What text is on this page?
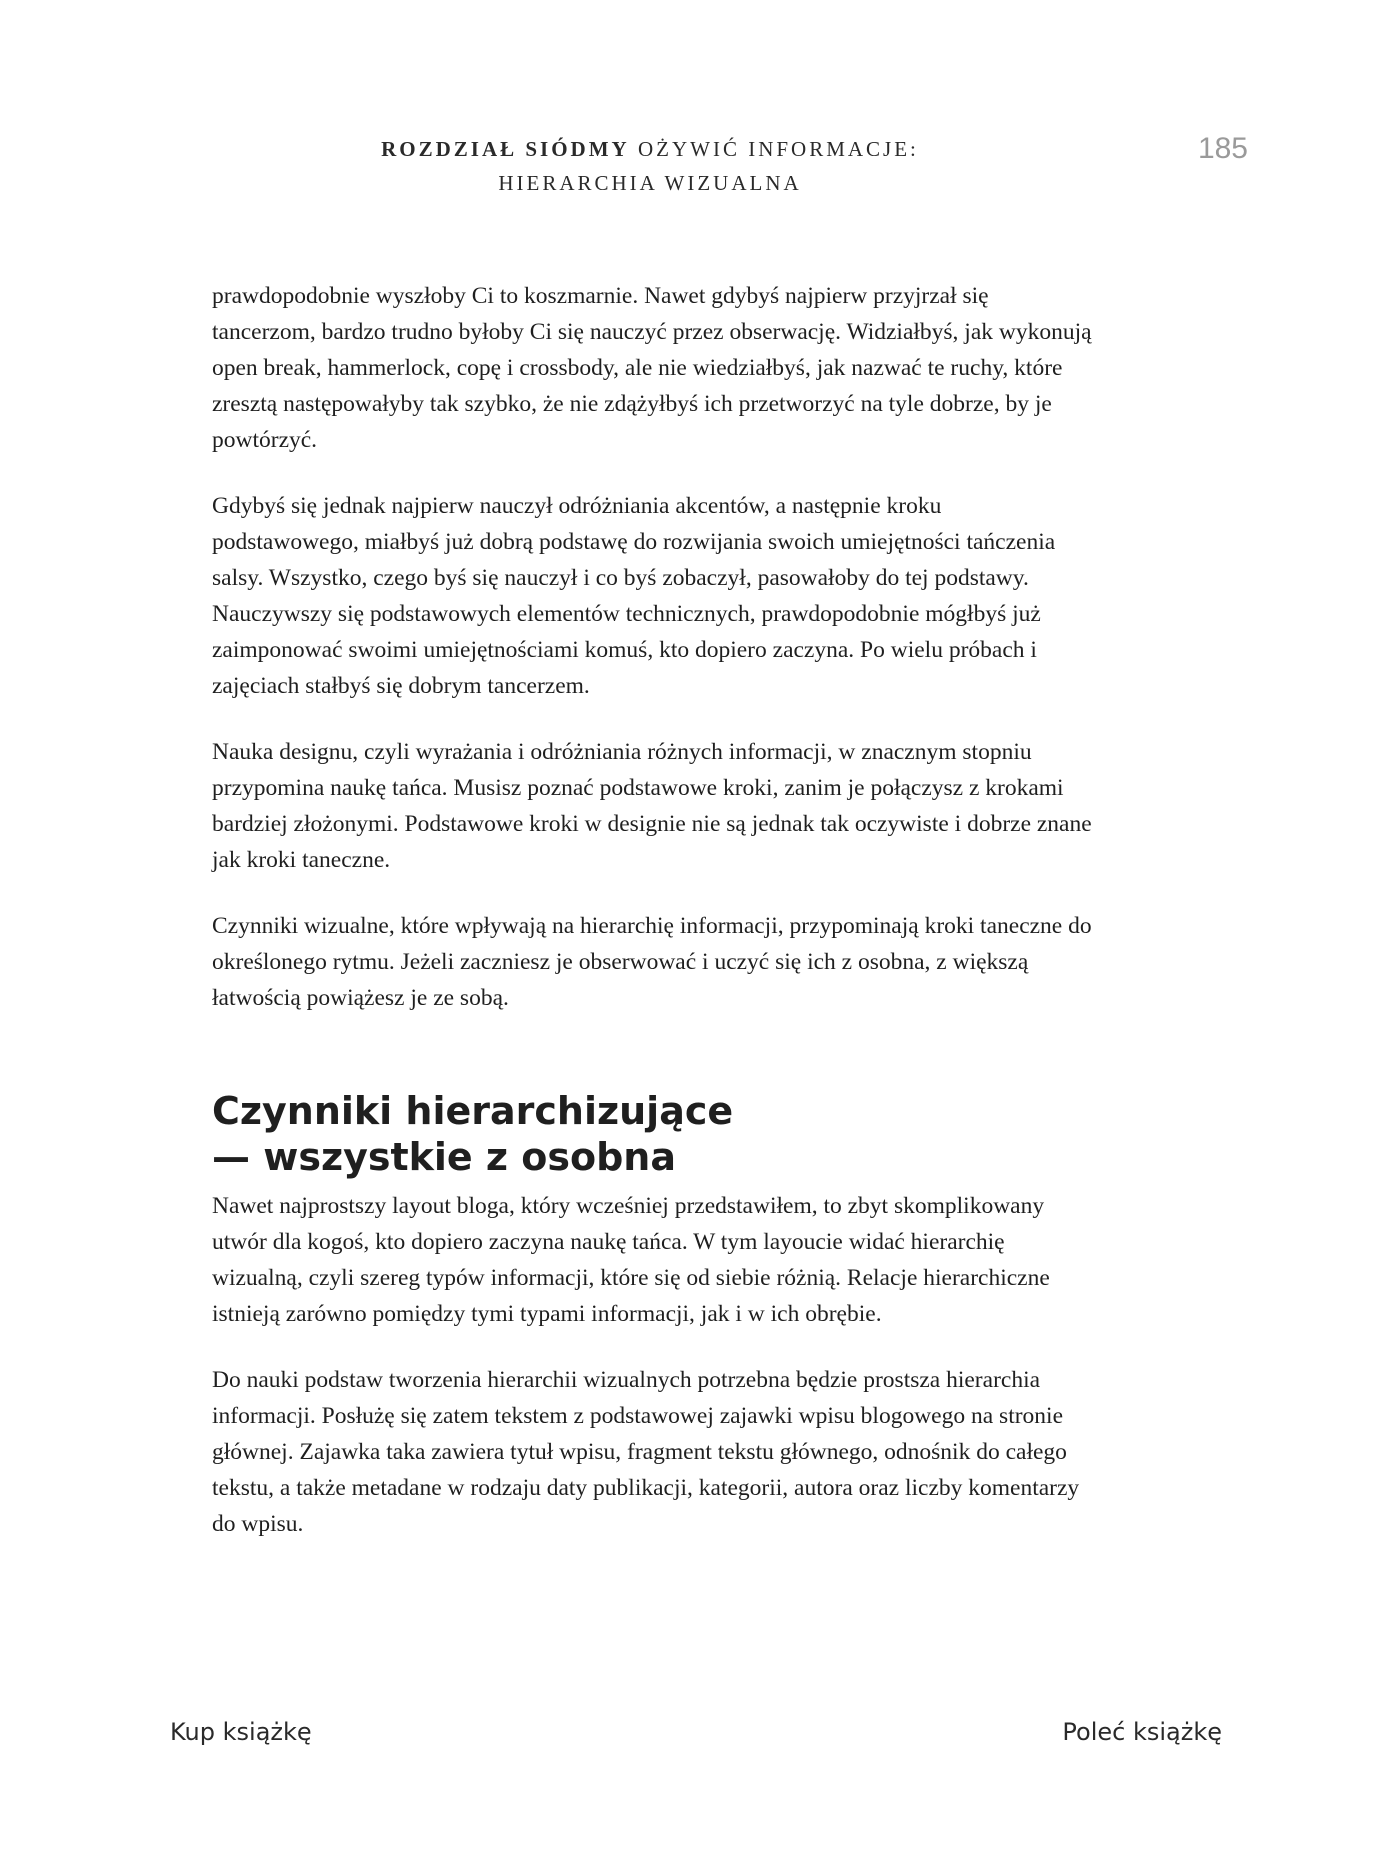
ROZDZIAŁ SIÓDMY OŻYWIĆ INFORMACJE:
HIERARCHIA WIZUALNA
185

prawdopodobnie wyszłoby Ci to koszmarnie. Nawet gdybyś najpierw przyjrzał się tancerzom, bardzo trudno byłoby Ci się nauczyć przez obserwację. Widziałbyś, jak wykonują open break, hammerlock, copę i crossbody, ale nie wiedziałbyś, jak nazwać te ruchy, które zresztą następowałyby tak szybko, że nie zdążyłbyś ich przetworzyć na tyle dobrze, by je powtórzyć.

Gdybyś się jednak najpierw nauczył odróżniania akcentów, a następnie kroku podstawowego, miałbyś już dobrą podstawę do rozwijania swoich umiejętności tańczenia salsy. Wszystko, czego byś się nauczył i co byś zobaczył, pasowałoby do tej podstawy. Nauczywszy się podstawowych elementów technicznych, prawdopodobnie mógłbyś już zaimponować swoimi umiejętnościami komuś, kto dopiero zaczyna. Po wielu próbach i zajęciach stałbyś się dobrym tancerzem.

Nauka designu, czyli wyrażania i odróżniania różnych informacji, w znacznym stopniu przypomina naukę tańca. Musisz poznać podstawowe kroki, zanim je połączysz z krokami bardziej złożonymi. Podstawowe kroki w designie nie są jednak tak oczywiste i dobrze znane jak kroki taneczne.

Czynniki wizualne, które wpływają na hierarchię informacji, przypominają kroki taneczne do określonego rytmu. Jeżeli zaczniesz je obserwować i uczyć się ich z osobna, z większą łatwością powiążesz je ze sobą.

Czynniki hierarchizujące
— wszystkie z osobna

Nawet najprostszy layout bloga, który wcześniej przedstawiłem, to zbyt skomplikowany utwór dla kogoś, kto dopiero zaczyna naukę tańca. W tym layoucie widać hierarchię wizualną, czyli szereg typów informacji, które się od siebie różnią. Relacje hierarchiczne istnieją zarówno pomiędzy tymi typami informacji, jak i w ich obrębie.

Do nauki podstaw tworzenia hierarchii wizualnych potrzebna będzie prostsza hierarchia informacji. Posłużę się zatem tekstem z podstawowej zajawki wpisu blogowego na stronie głównej. Zajawka taka zawiera tytuł wpisu, fragment tekstu głównego, odnośnik do całego tekstu, a także metadane w rodzaju daty publikacji, kategorii, autora oraz liczby komentarzy do wpisu.

Kup książkę	Poleć książkę
